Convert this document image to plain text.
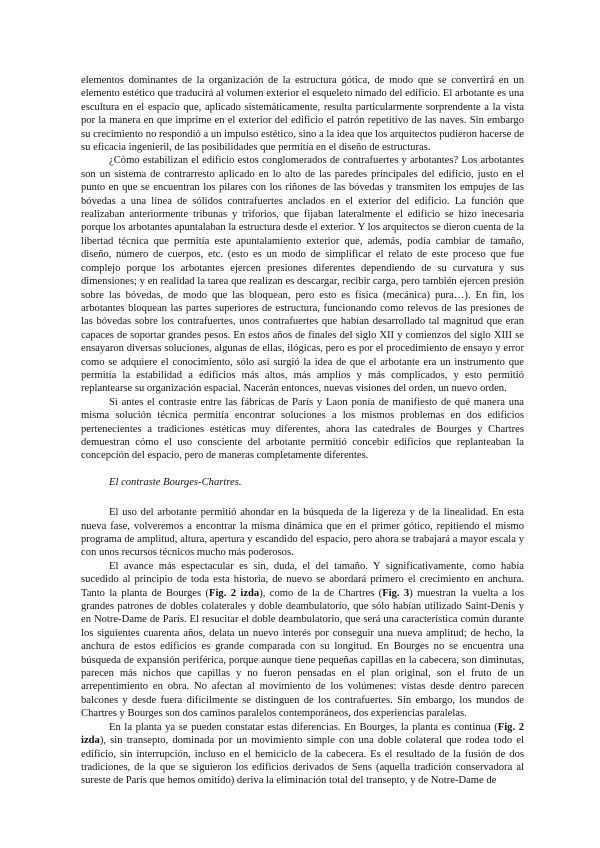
elementos dominantes de la organización de la estructura gótica, de modo que se convertirá en un elemento estético que traducirá al volumen exterior el esqueleto nimado del edificio. El arbotante es una escultura en el espacio que, aplicado sistemáticamente, resulta particularmente sorprendente a la vista por la manera en que imprime en el exterior del edificio el patrón repetitivo de las naves. Sin embargo su crecimiento no respondió a un impulso estético, sino a la idea que los arquitectos pudieron hacerse de su eficacia ingenieril, de las posibilidades que permitía en el diseño de estructuras.

¿Cómo estabilizan el edificio estos conglomerados de contrafuertes y arbotantes? Los arbotantes son un sistema de contrarresto aplicado en lo alto de las paredes principales del edificio, justo en el punto en que se encuentran los pilares con los riñones de las bóvedas y transmiten los empujes de las bóvedas a una línea de sólidos contrafuertes anclados en el exterior del edificio. La función que realizaban anteriormente tribunas y triforios, que fijaban lateralmente el edificio se hizo inecesaria porque los arbotantes apuntalaban la estructura desde el exterior. Y los arquitectos se dieron cuenta de la libertad técnica que permitía este apuntalamiento exterior que, además, podía cambiar de tamaño, diseño, número de cuerpos, etc. (esto es un modo de simplificar el relato de este proceso que fue complejo porque los arbotantes ejercen presiones diferentes dependiendo de su curvatura y sus dimensiones; y en realidad la tarea que realizan es descargar, recibir carga, pero también ejercen presión sobre las bóvedas, de modo que las bloquean, pero esto es física (mecánica) pura…). En fin, los arbotantes bloquean las partes superiores de estructura, funcionando como relevos de las presiones de las bóvedas sobre los contrafuertes, unos contrafuertes que habían desarrollado tal magnitud que eran capaces de soportar grandes pesos. En estos años de finales del siglo XII y comienzos del siglo XIII se ensayaron diversas soluciones, algunas de ellas, ilógicas, pero es por el procedimiento de ensayo y error como se adquiere el conocimiento, sólo así surgió la idea de que el arbotante era un instrumento que permitía la estabilidad a edificios más altos, más amplios y más complicados, y esto permitió replantearse su organización espacial. Nacerán entonces, nuevas visiones del orden, un nuevo orden.

Si antes el contraste entre las fábricas de París y Laon ponía de manifiesto de qué manera una misma solución técnica permitía encontrar soluciones a los mismos problemas en dos edificios pertenecientes a tradiciones estéticas muy diferentes, ahora las catedrales de Bourges y Chartres demuestran cómo el uso consciente del arbotante permitió concebir edificios que replanteaban la concepción del espacio, pero de maneras completamente diferentes.

El contraste Bourges-Chartres.

El uso del arbotante permitió ahondar en la búsqueda de la ligereza y de la linealidad. En esta nueva fase, volveremos a encontrar la misma dinámica que en el primer gótico, repitiendo el mismo programa de amplitud, altura, apertura y escandido del espacio, pero ahora se trabajará a mayor escala y con unos recursos técnicos mucho más poderosos.

El avance más espectacular es sin, duda, el del tamaño. Y significativamente, como había sucedido al principio de toda esta historia, de nuevo se abordará primero el crecimiento en anchura. Tanto la planta de Bourges (Fig. 2 izda), como de la de Chartres (Fig. 3) muestran la vuelta a los grandes patrones de dobles colaterales y doble deambulatorio, que sólo habían utilizado Saint-Denis y en Notre-Dame de París. El resucitar el doble deambulatorio, que será una característica común durante los siguientes cuarenta años, delata un nuevo interés por conseguir una nueva amplitud; de hecho, la anchura de estos edificios es grande comparada con su longitud. En Bourges no se encuentra una búsqueda de expansión periférica, porque aunque tiene pequeñas capillas en la cabecera, son diminutas, parecen más nichos que capillas y no fueron pensadas en el plan original, son el fruto de un arrepentimiento en obra. No afectan al movimiento de los volúmenes: vistas desde dentro parecen balcones y desde fuera difícilmente se distinguen de los contrafuertes. Sin embargo, los mundos de Chartres y Bourges son dos caminos paralelos contemporáneos, dos experiencias paralelas.

En la planta ya se pueden constatar estas diferencias. En Bourges, la planta es continua (Fig. 2 izda), sin transepto, dominada por un movimiento simple con una doble colateral que rodea todo el edificio, sin interrupción, incluso en el hemiciclo de la cabecera. Es el resultado de la fusión de dos tradiciones, de la que se siguieron los edificios derivados de Sens (aquella tradición conservadora al sureste de París que hemos omitido) deriva la eliminación total del transepto, y de Notre-Dame de
